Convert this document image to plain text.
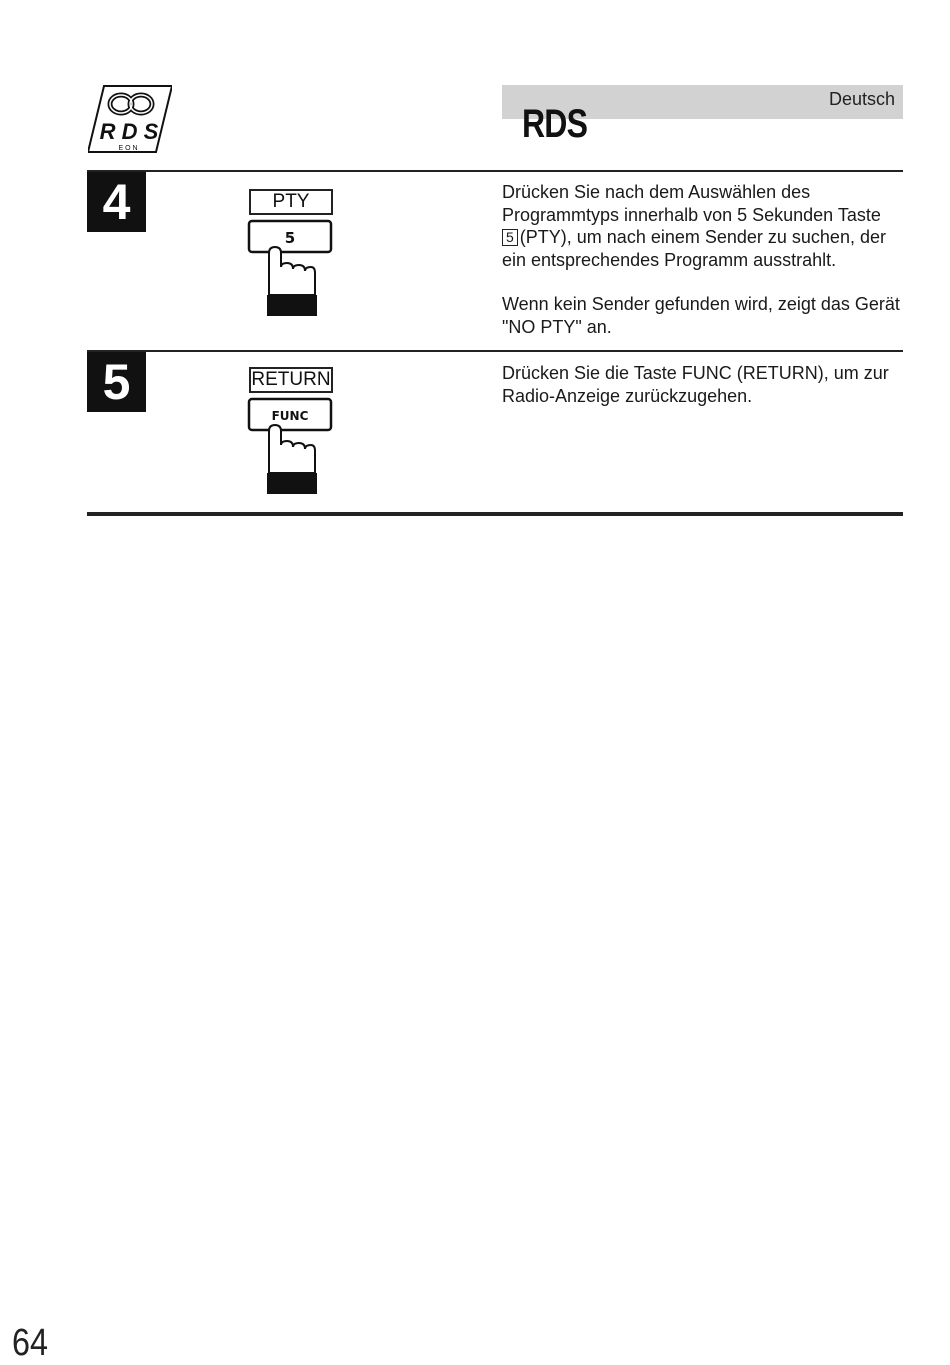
R D S
E O N
Deutsch
RDS
4	PTY
5

Drücken Sie nach dem Auswählen des Programmtyps innerhalb von 5 Sekunden Taste
5 (PTY), um nach einem Sender zu suchen, der ein entsprechendes Programm ausstrahlt.

Wenn kein Sender gefunden wird, zeigt das Gerät "NO PTY" an.

5	RETURN
FUNC

Drücken Sie die Taste FUNC (RETURN), um zur Radio-Anzeige zurückzugehen.

64
